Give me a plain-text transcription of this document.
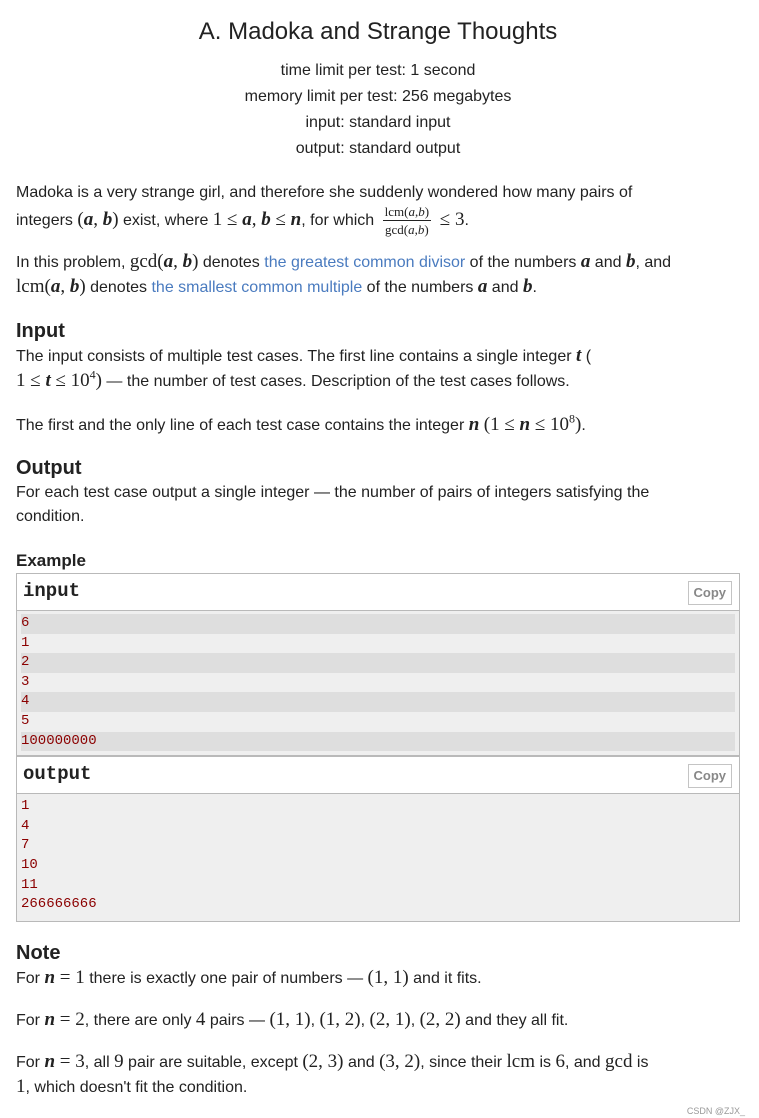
A. Madoka and Strange Thoughts
time limit per test: 1 second
memory limit per test: 256 megabytes
input: standard input
output: standard output

Madoka is a very strange girl, and therefore she suddenly wondered how many pairs of
integers (a, b) exist, where 1 ≤ a, b ≤ n, for which $\frac{\text{lcm(a,b)}}{\gcd(a,b)} \le 3$.

In this problem, gcd(a, b) denotes the greatest common divisor of the numbers a and b, and
lcm(a, b) denotes the smallest common multiple of the numbers a and b.

Input

The input consists of multiple test cases. The first line contains a single integer t (
$1 \le t \le 10^4$) — the number of test cases. Description of the test cases follows.

The first and the only line of each test case contains the integer n $(1 \le n \le 10^8)$.

Output

For each test case output a single integer — the number of pairs of integers satisfying the condition.

Example
input	Copy
6
1
2
3
4
5
100000000
output	Copy
1
4
7
10
11
266666666
Note

For n = 1 there is exactly one pair of numbers — (1, 1) and it fits.

For n = 2, there are only 4 pairs — (1, 1), (1, 2), (2, 1), (2, 2) and they all fit.

For n = 3, all 9 pair are suitable, except (2, 3) and (3, 2), since their lcm is 6, and gcd is
1, which doesn't fit the condition.

CSDN @ZJX_
